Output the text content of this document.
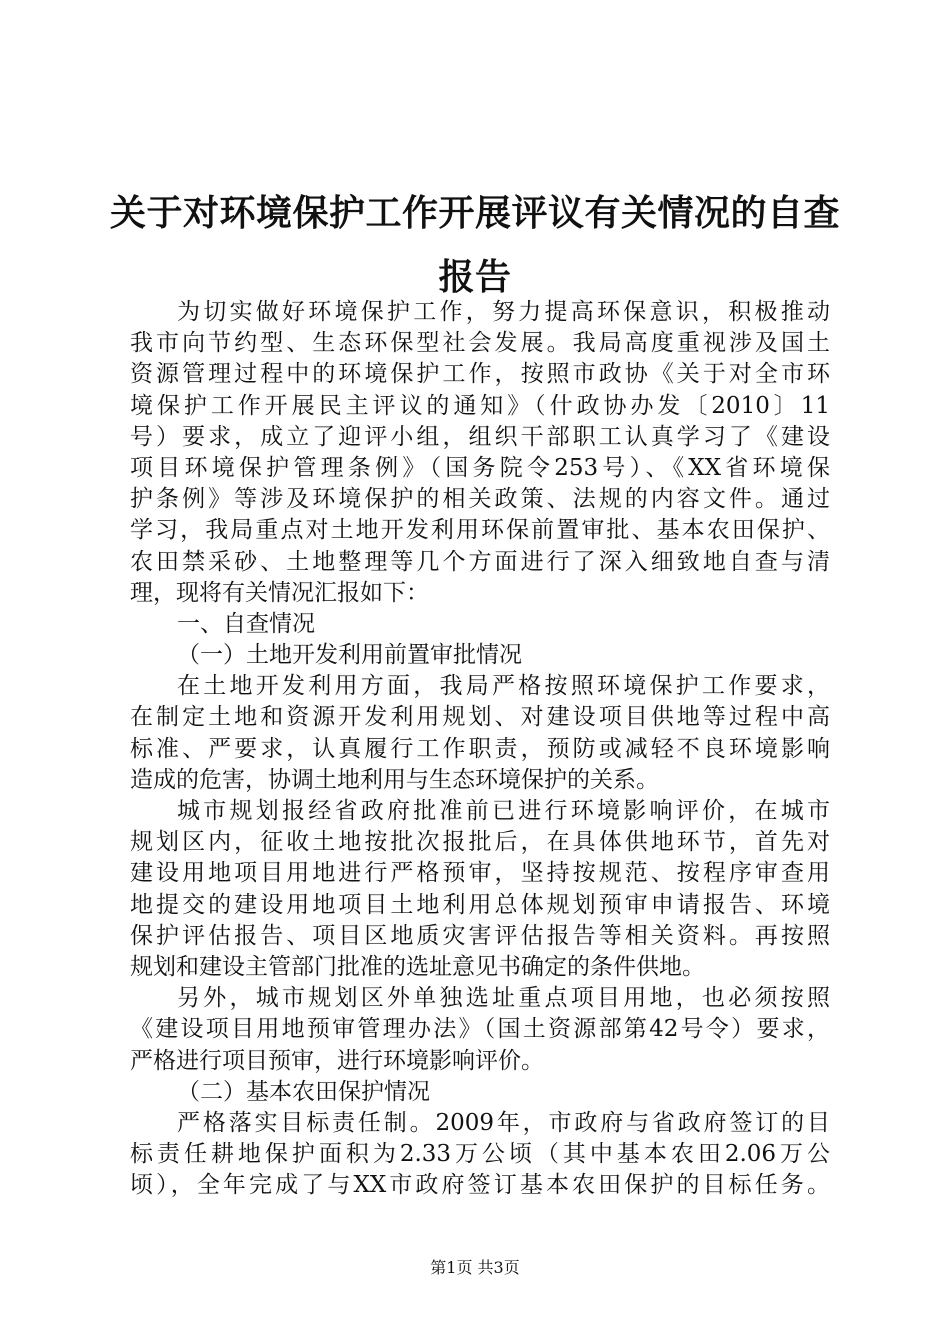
关于对环境保护工作开展评议有关情况的自查
报告
为切实做好环境保护工作，努力提高环保意识，积极推动
我市向节约型、生态环保型社会发展。我局高度重视涉及国土
资源管理过程中的环境保护工作，按照市政协《关于对全市环
境保护工作开展民主评议的通知》（什政协办发〔2010〕11
号）要求，成立了迎评小组，组织干部职工认真学习了《建设
项目环境保护管理条例》（国务院令253号）、《XX省环境保
护条例》等涉及环境保护的相关政策、法规的内容文件。通过
学习，我局重点对土地开发利用环保前置审批、基本农田保护、
农田禁采砂、土地整理等几个方面进行了深入细致地自查与清
理，现将有关情况汇报如下：
一、自查情况
（一）土地开发利用前置审批情况
在土地开发利用方面，我局严格按照环境保护工作要求，
在制定土地和资源开发利用规划、对建设项目供地等过程中高
标准、严要求，认真履行工作职责，预防或减轻不良环境影响
造成的危害，协调土地利用与生态环境保护的关系。
城市规划报经省政府批准前已进行环境影响评价，在城市
规划区内，征收土地按批次报批后，在具体供地环节，首先对
建设用地项目用地进行严格预审，坚持按规范、按程序审查用
地提交的建设用地项目土地利用总体规划预审申请报告、环境
保护评估报告、项目区地质灾害评估报告等相关资料。再按照
规划和建设主管部门批准的选址意见书确定的条件供地。
另外，城市规划区外单独选址重点项目用地，也必须按照
《建设项目用地预审管理办法》（国土资源部第42号令）要求，
严格进行项目预审，进行环境影响评价。
（二）基本农田保护情况
严格落实目标责任制。2009年，市政府与省政府签订的目
标责任耕地保护面积为2.33万公顷（其中基本农田2.06万公
顷），全年完成了与XX市政府签订基本农田保护的目标任务。
第1页 共3页
